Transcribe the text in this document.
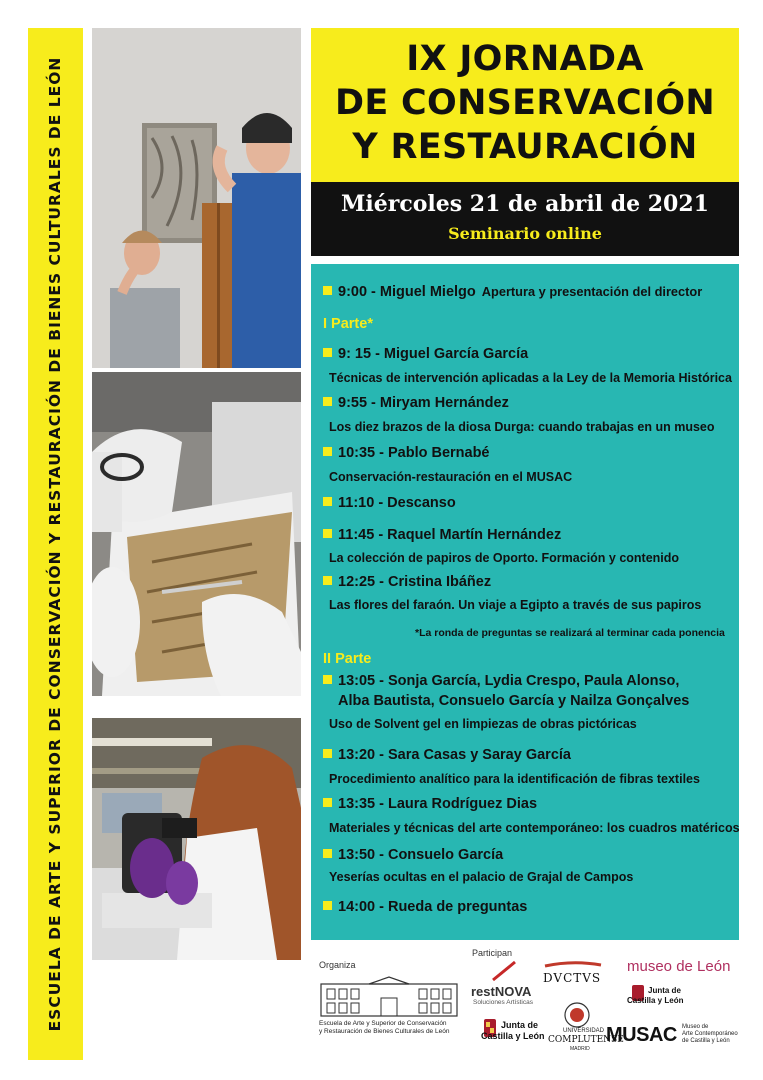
ESCUELA DE ARTE Y SUPERIOR DE CONSERVACIÓN Y RESTAURACIÓN DE BIENES CULTURALES DE LEÓN	IX JORNADA
DE CONSERVACIÓN
Y RESTAURACIÓN
Miércoles 21 de abril de 2021
Seminario online
9:00 - Miguel Mielgo Apertura y presentación del director
I Parte*
9: 15 - Miguel García García
Técnicas de intervención aplicadas a la Ley de la Memoria Histórica
9:55 - Miryam Hernández
Los diez brazos de la diosa Durga: cuando trabajas en un museo
10:35 - Pablo Bernabé
Conservación-restauración en el MUSAC
11:10 - Descanso
11:45 - Raquel Martín Hernández
La colección de papiros de Oporto. Formación y contenido
12:25 - Cristina Ibáñez
Las flores del faraón. Un viaje a Egipto a través de sus papiros
*La ronda de preguntas se realizará al terminar cada ponencia
II Parte
13:05 - Sonja García, Lydia Crespo, Paula Alonso,
Alba Bautista, Consuelo García y Nailza Gonçalves
Uso de Solvent gel en limpiezas de obras pictóricas
13:20 - Sara Casas y Saray García
Procedimiento analítico para la identificación de fibras textiles
13:35 - Laura Rodríguez Dias
Materiales y técnicas del arte contemporáneo: los cuadros matéricos
13:50 - Consuelo García
Yeserías ocultas en el palacio de Grajal de Campos
14:00 - Rueda de preguntas
Organiza
Escuela de Arte y Superior de Conservación
y Restauración de Bienes Culturales de León
Participan
restNOVA
Soluciones Artísticas
DVCTVS
museo de León
Junta de
Castilla y León
Junta de
Castilla y León	UNIVERSIDAD
COMPLUTENSE
MADRID
MUSAC Museo de
Arte Contemporáneo
de Castilla y León
